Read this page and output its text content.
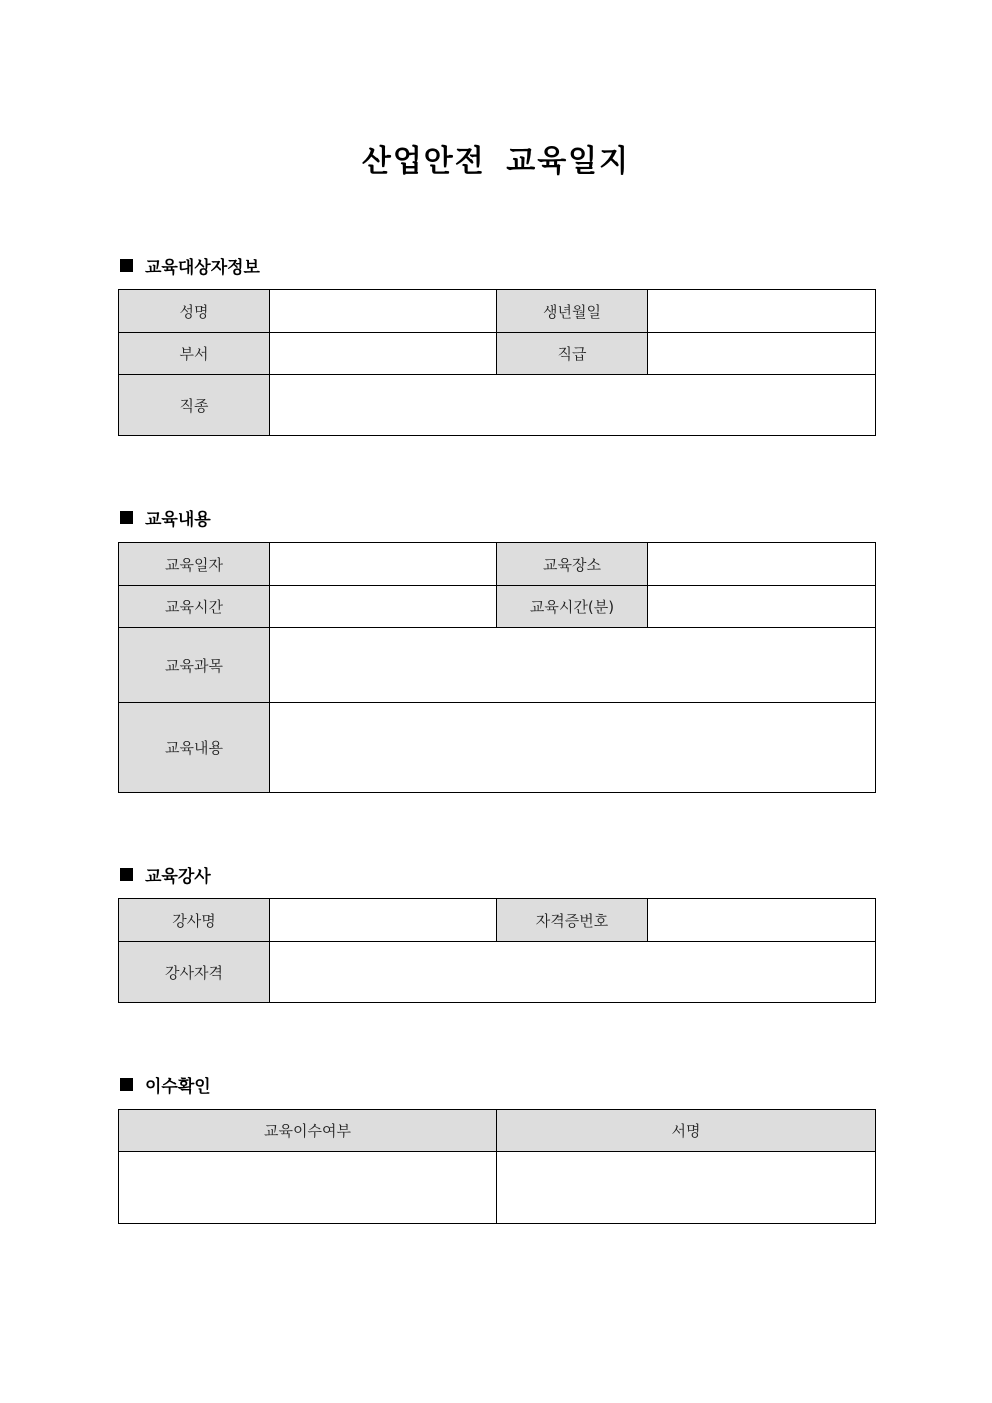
산업안전 교육일지
교육대상자정보
성명		생년월일	
부서		직급	
직종			
교육내용
교육일자		교육장소	
교육시간		교육시간(분)	
교육과목			
교육내용			
교육강사
강사명		자격증번호	
강사자격			
이수확인
교육이수여부	서명
